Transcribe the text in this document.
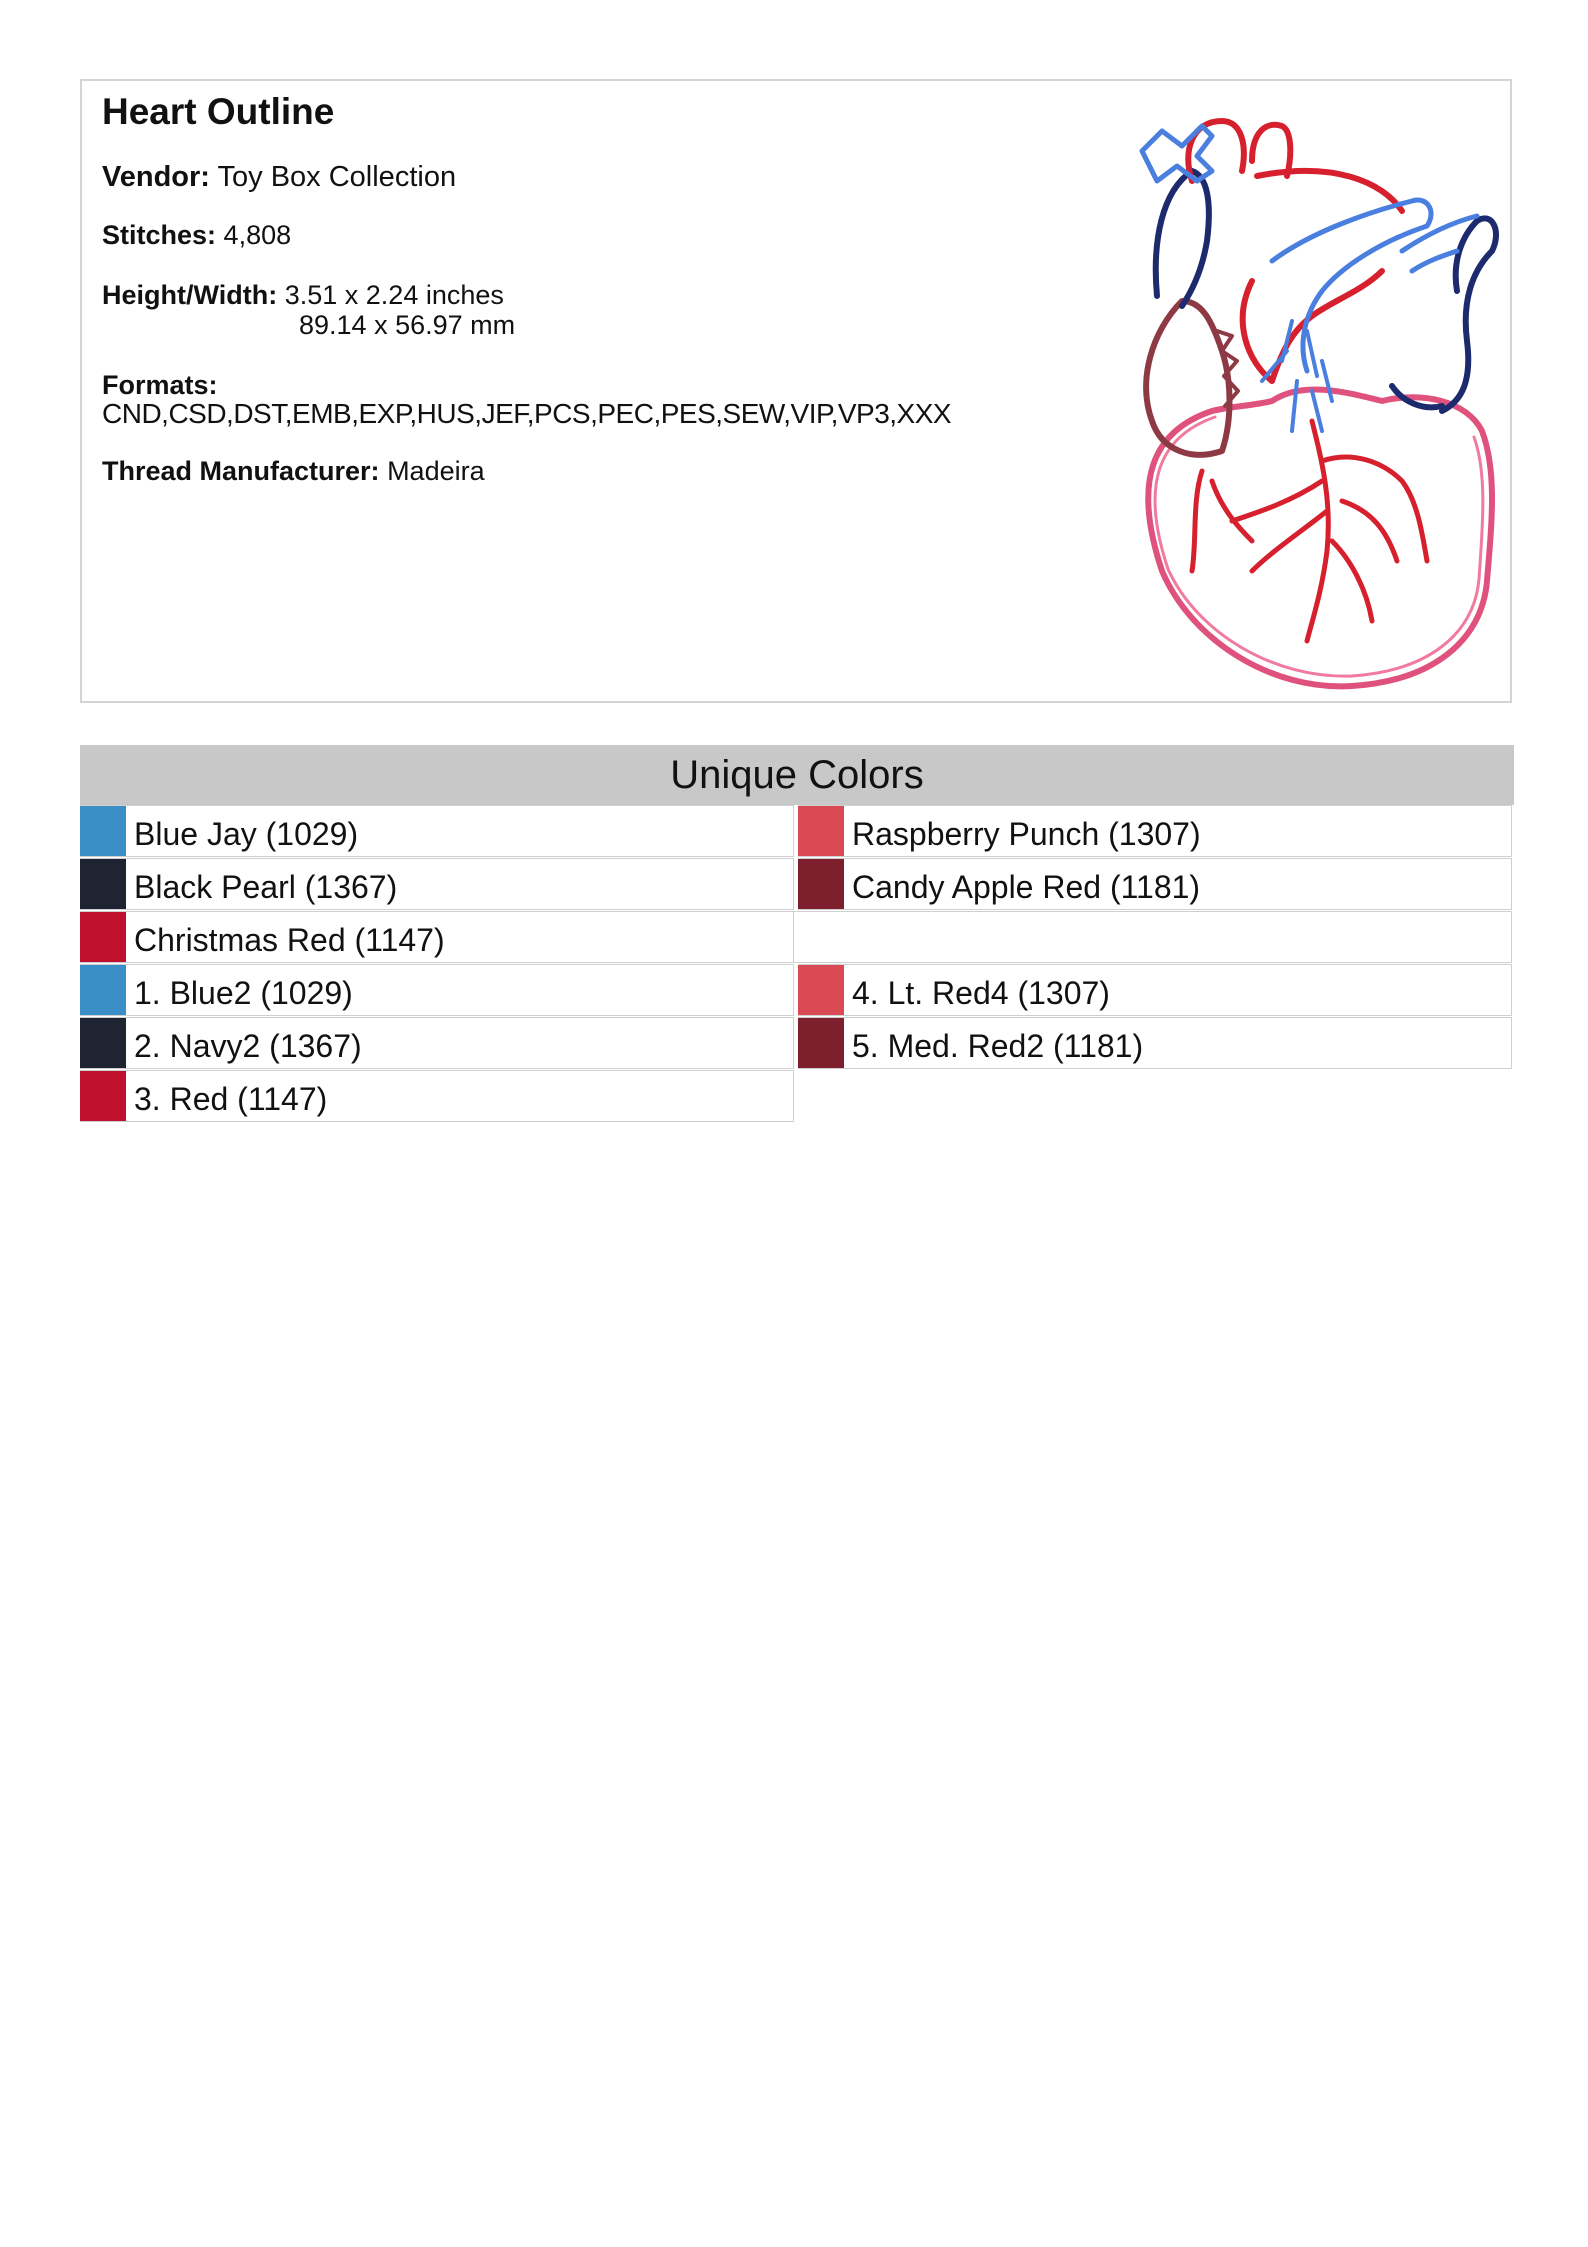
Heart Outline
Vendor: Toy Box Collection
Stitches: 4,808
Height/Width: 3.51 x 2.24 inches
89.14 x 56.97 mm
Formats:
CND,CSD,DST,EMB,EXP,HUS,JEF,PCS,PEC,PES,SEW,VIP,VP3,XXX
Thread Manufacturer: Madeira
Unique Colors
Blue Jay (1029)
Black Pearl (1367)
Christmas Red (1147)
1. Blue2 (1029)
2. Navy2 (1367)
3. Red (1147)
Raspberry Punch (1307)
Candy Apple Red (1181)
4. Lt. Red4 (1307)
5. Med. Red2 (1181)
